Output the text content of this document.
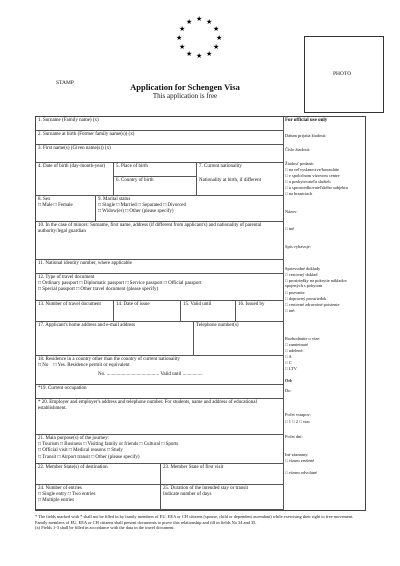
★ ★
★
★
★
★
★
★
★
★
★
★
STAMP
PHOTO
Application for Schengen Visa
This application is free
1. Surname (Family name) (x)
2. Surname at birth (Former family name(s)) (x)
3. First name(s) (Given name(s)) (x)
4. Date of birth (day-month-year)	5. Place of birth
6. Country of birth
7. Current nationality
Nationality at birth, if different
8. Sex
□ Male □ Female
9. Marital status
□ Single □ Married □ Separated □ Divorced
□ Widow(er) □ Other (please specify)
10. In the case of minors: Surname, first name, address (if different from applicant's) and nationality of parental authority/legal guardian
11. National identity number, where applicable
12. Type of travel document
□ Ordinary passport □ Diplomatic passport □ Service passport □ Official passport
□ Special passport □ Other travel document (please specify)
13. Number of travel document	14. Date of issue	15. Valid until	16. Issued by
17. Applicant's home address and e-mail address	Telephone number(s)
18. Residence in a country other than the country of current nationality
□ No □ Yes. Residence permit or equivalent
No. .......................................... Valid until ................
*19. Current occupation
* 20. Employer and employer's address and telephone number. For students, name and address of educational establishment.
21. Main purpose(s) of the journey:
□ Tourism □ Business □ Visiting family or friends □ Cultural □ Sports
□ Official visit □ Medical reasons □ Study
□ Transit □ Airport transit □ Other (please specify)
22. Member State(s) of destination	23. Member State of first visit
24. Number of entries
□ Single entry □ Two entries
□ Multiple entries
25. Duration of the intended stay or transit
Indicate number of days
For official use only
Dátum prijatia žiadosti:
Číslo žiadosti:
Žiadosť podaná:
□ na veľvyslanectve/konzuláte
□ v spoločnom vízovom centre
□ u poskytovateľa služieb
□ u sprostredkovateľského subjektu
□ na hraniciach
Názov:
□ iné
Spis vybavuje:
Sprievodné doklady
□ cestovný doklad
□ prostriedky na pokrytie nákladov spojených s pobytom
□ pozvanie
□ dopravný prostriedok
□ cestovné zdravotné poistenie
□ iné:
Rozhodnutie o víze:
□ zamietnuté
□ udelené:
□ A
□ C
□ LTV
Od:
Do:
Počet vstupov:
□ 1 □ 2 □ viac
Počet dní:
Iné záznamy:
□ vízum zrušené
□ vízum odvolané
* The fields marked with * shall not be filled in by family members of EU, EEA or CH citizens (spouse, child or dependent ascendant) while exercising their right to free movement. Family members of EU, EEA or CH citizens shall present documents to prove this relationship and fill in fields No 34 and 35.
(x) Fields 1-3 shall be filled in accordance with the data in the travel document.
